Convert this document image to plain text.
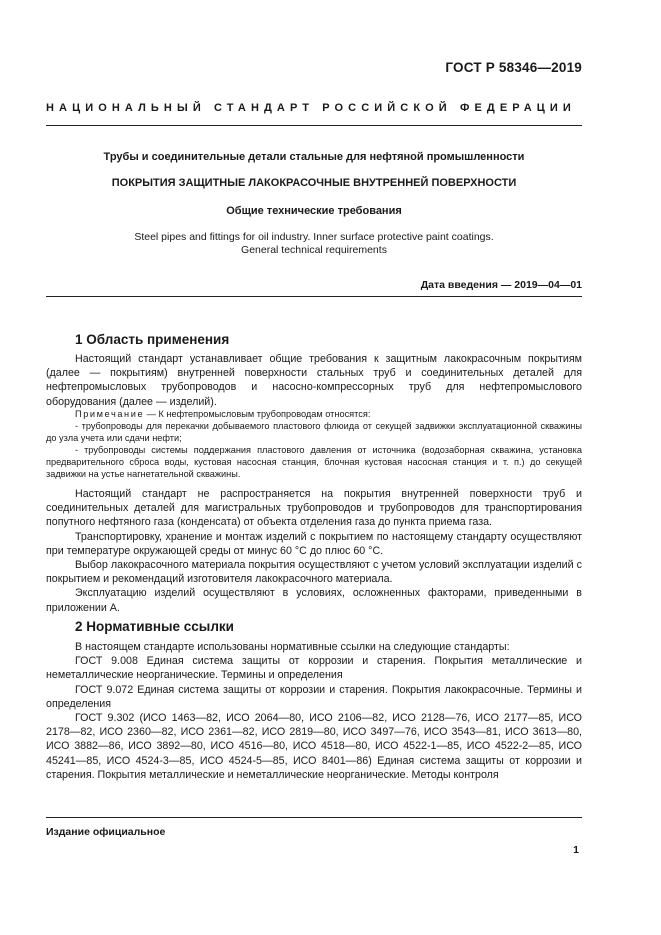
ГОСТ Р 58346—2019
НАЦИОНАЛЬНЫЙ СТАНДАРТ РОССИЙСКОЙ ФЕДЕРАЦИИ
Трубы и соединительные детали стальные для нефтяной промышленности
ПОКРЫТИЯ ЗАЩИТНЫЕ ЛАКОКРАСОЧНЫЕ ВНУТРЕННЕЙ ПОВЕРХНОСТИ
Общие технические требования
Steel pipes and fittings for oil industry. Inner surface protective paint coatings.
General technical requirements
Дата введения — 2019—04—01
1 Область применения

Настоящий стандарт устанавливает общие требования к защитным лакокрасочным покрытиям (далее — покрытиям) внутренней поверхности стальных труб и соединительных деталей для нефтепромысловых трубопроводов и насосно-компрессорных труб для нефтепромыслового оборудования (далее — изделий).

Примечание — К нефтепромысловым трубопроводам относятся:

- трубопроводы для перекачки добываемого пластового флюида от секущей задвижки эксплуатационной скважины до узла учета или сдачи нефти;

- трубопроводы системы поддержания пластового давления от источника (водозаборная скважина, установка предварительного сброса воды, кустовая насосная станция, блочная кустовая насосная станция и т. п.) до секущей задвижки на устье нагнетательной скважины.

Настоящий стандарт не распространяется на покрытия внутренней поверхности труб и соединительных деталей для магистральных трубопроводов и трубопроводов для транспортирования попутного нефтяного газа (конденсата) от объекта отделения газа до пункта приема газа.

Транспортировку, хранение и монтаж изделий с покрытием по настоящему стандарту осуществляют при температуре окружающей среды от минус 60 °С до плюс 60 °С.

Выбор лакокрасочного материала покрытия осуществляют с учетом условий эксплуатации изделий с покрытием и рекомендаций изготовителя лакокрасочного материала.

Эксплуатацию изделий осуществляют в условиях, осложненных факторами, приведенными в приложении А.

2 Нормативные ссылки

В настоящем стандарте использованы нормативные ссылки на следующие стандарты:

ГОСТ 9.008 Единая система защиты от коррозии и старения. Покрытия металлические и неметаллические неорганические. Термины и определения

ГОСТ 9.072 Единая система защиты от коррозии и старения. Покрытия лакокрасочные. Термины и определения

ГОСТ 9.302 (ИСО 1463—82, ИСО 2064—80, ИСО 2106—82, ИСО 2128—76, ИСО 2177—85, ИСО 2178—82, ИСО 2360—82, ИСО 2361—82, ИСО 2819—80, ИСО 3497—76, ИСО 3543—81, ИСО 3613—80, ИСО 3882—86, ИСО 3892—80, ИСО 4516—80, ИСО 4518—80, ИСО 4522-1—85, ИСО 4522-2—85, ИСО 45241—85, ИСО 4524-3—85, ИСО 4524-5—85, ИСО 8401—86) Единая система защиты от коррозии и старения. Покрытия металлические и неметаллические неорганические. Методы контроля

Издание официальное
1
